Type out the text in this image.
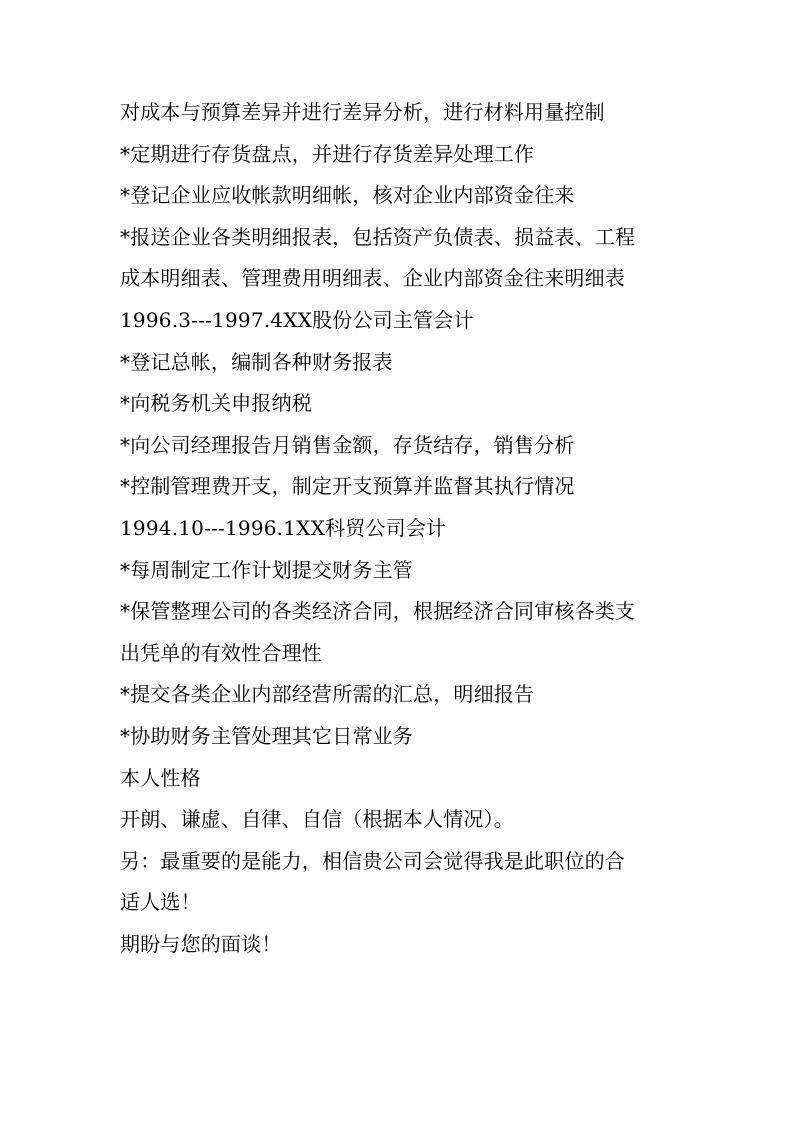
对成本与预算差异并进行差异分析，进行材料用量控制
*定期进行存货盘点，并进行存货差异处理工作
*登记企业应收帐款明细帐，核对企业内部资金往来
*报送企业各类明细报表，包括资产负债表、损益表、工程
成本明细表、管理费用明细表、企业内部资金往来明细表
1996.3---1997.4XX股份公司主管会计
*登记总帐，编制各种财务报表
*向税务机关申报纳税
*向公司经理报告月销售金额，存货结存，销售分析
*控制管理费开支，制定开支预算并监督其执行情况
1994.10---1996.1XX科贸公司会计
*每周制定工作计划提交财务主管
*保管整理公司的各类经济合同，根据经济合同审核各类支
出凭单的有效性合理性
*提交各类企业内部经营所需的汇总，明细报告
*协助财务主管处理其它日常业务
本人性格
开朗、谦虚、自律、自信（根据本人情况）。
另：最重要的是能力，相信贵公司会觉得我是此职位的合
适人选！
期盼与您的面谈！
